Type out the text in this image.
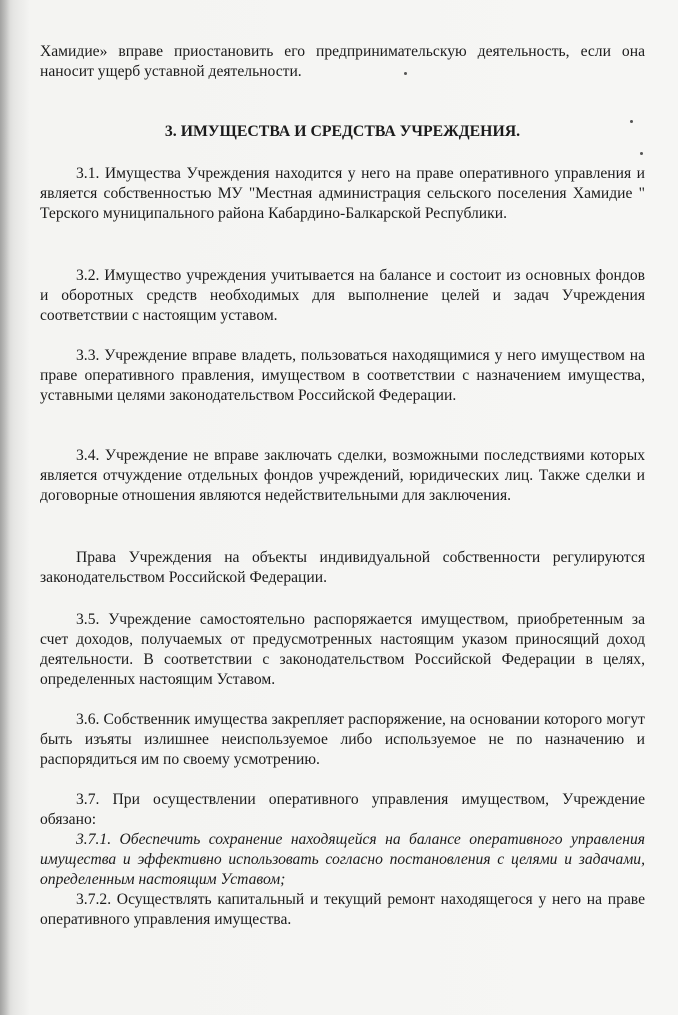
Хамидие» вправе приостановить его предпринимательскую деятельность, если она наносит ущерб уставной деятельности.
3. ИМУЩЕСТВА И СРЕДСТВА УЧРЕЖДЕНИЯ.
3.1. Имущества Учреждения находится у него на праве оперативного управления и является собственностью МУ "Местная администрация сельского поселения Хамидие " Терского муниципального района Кабардино-Балкарской Республики.
3.2. Имущество учреждения учитывается на балансе и состоит из основных фондов и оборотных средств необходимых для выполнение целей и задач Учреждения соответствии с настоящим уставом.
3.3. Учреждение вправе владеть, пользоваться находящимися у него имуществом на праве оперативного правления, имуществом в соответствии с назначением имущества, уставными целями законодательством Российской Федерации.
3.4. Учреждение не вправе заключать сделки, возможными последствиями которых является отчуждение отдельных фондов учреждений, юридических лиц. Также сделки и договорные отношения являются недействительными для заключения.
Права Учреждения на объекты индивидуальной собственности регулируются законодательством Российской Федерации.
3.5. Учреждение самостоятельно распоряжается имуществом, приобретенным за счет доходов, получаемых от предусмотренных настоящим указом приносящий доход деятельности. В соответствии с законодательством Российской Федерации в целях, определенных настоящим Уставом.
3.6. Собственник имущества закрепляет распоряжение, на основании которого могут быть изъяты излишнее неиспользуемое либо используемое не по назначению и распорядиться им по своему усмотрению.
3.7. При осуществлении оперативного управления имуществом, Учреждение обязано:
3.7.1. Обеспечить сохранение находящейся на балансе оперативного управления имущества и эффективно использовать согласно постановления с целями и задачами, определенным настоящим Уставом;
3.7.2. Осуществлять капитальный и текущий ремонт находящегося у него на праве оперативного управления имущества.
